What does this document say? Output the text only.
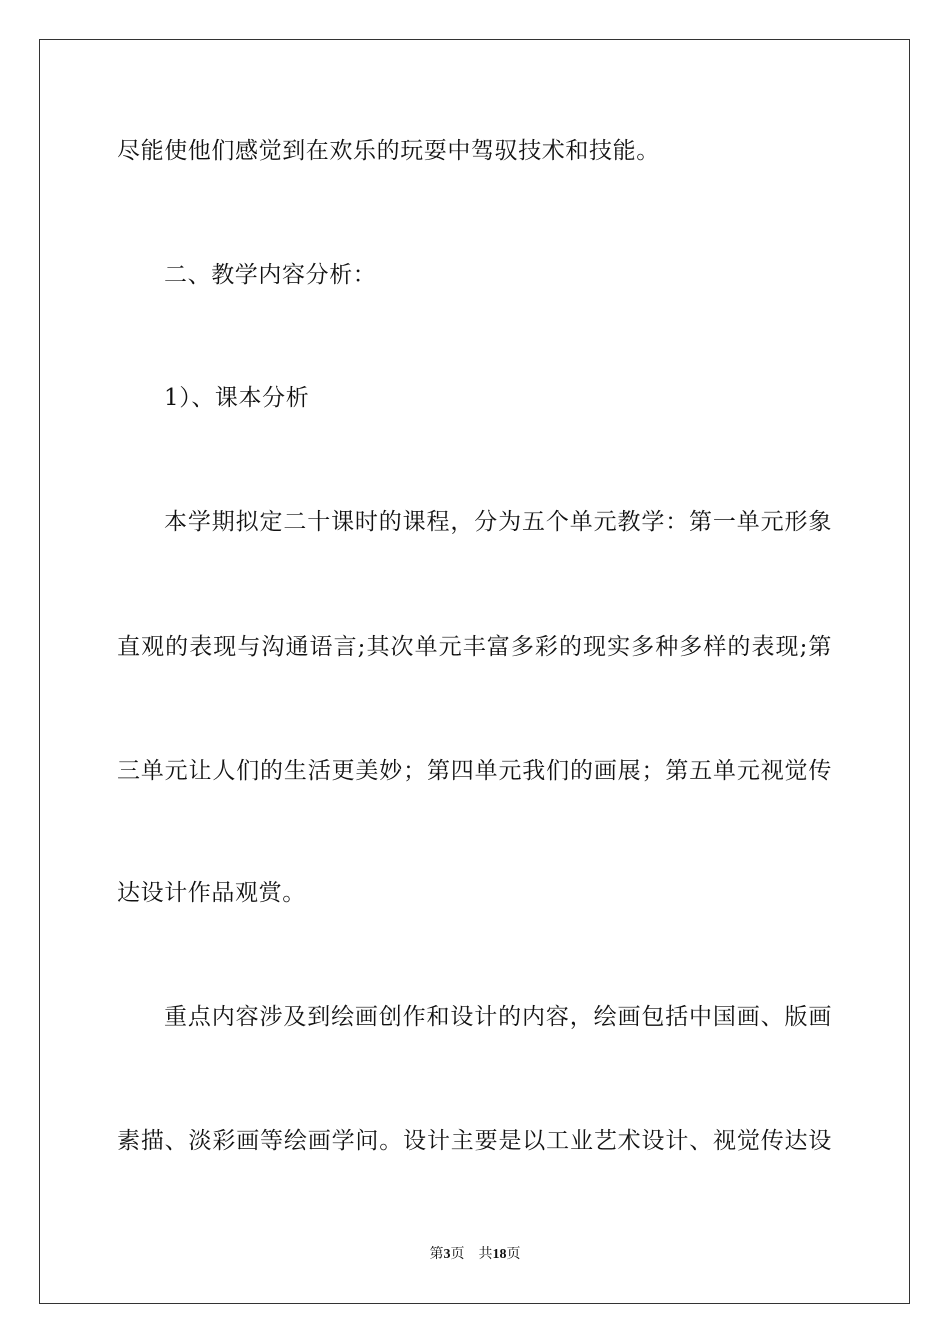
尽能使他们感觉到在欢乐的玩耍中驾驭技术和技能。
二、教学内容分析：
1）、课本分析
本学期拟定二十课时的课程，分为五个单元教学：第一单元形象
直观的表现与沟通语言;其次单元丰富多彩的现实多种多样的表现;第
三单元让人们的生活更美妙；第四单元我们的画展；第五单元视觉传
达设计作品观赏。
重点内容涉及到绘画创作和设计的内容，绘画包括中国画、版画
素描、淡彩画等绘画学问。设计主要是以工业艺术设计、视觉传达设
第3页 共18页
